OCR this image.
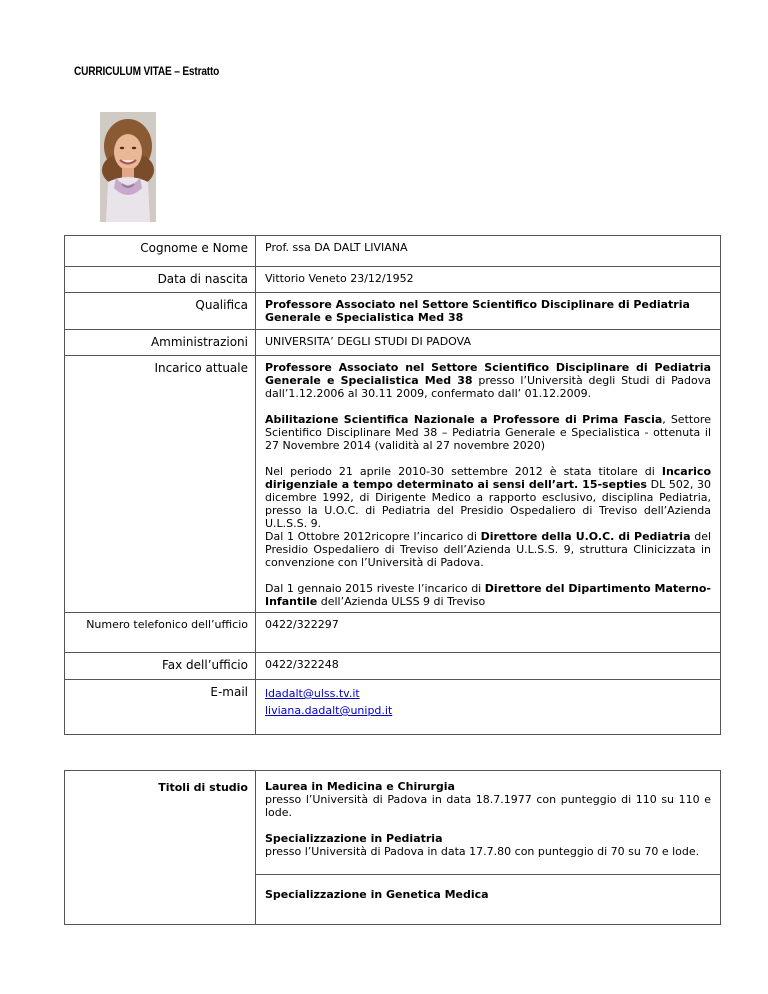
CURRICULUM VITAE – Estratto
Cognome e Nome	Prof. ssa DA DALT LIVIANA
Data di nascita	Vittorio Veneto 23/12/1952
Qualifica	Professore Associato nel Settore Scientifico Disciplinare di Pediatria Generale e Specialistica Med 38
Amministrazioni	UNIVERSITA’ DEGLI STUDI DI PADOVA
Incarico attuale	Professore Associato nel Settore Scientifico Disciplinare di Pediatria Generale e Specialistica Med 38 presso l’Università degli Studi di Padova dall’1.12.2006 al 30.11 2009, confermato dall’ 01.12.2009.

Abilitazione Scientifica Nazionale a Professore di Prima Fascia, Settore Scientifico Disciplinare Med 38 – Pediatria Generale e Specialistica - ottenuta il 27 Novembre 2014 (validità al 27 novembre 2020)

Nel periodo 21 aprile 2010-30 settembre 2012 è stata titolare di Incarico dirigenziale a tempo determinato ai sensi dell’art. 15-septies DL 502, 30 dicembre 1992, di Dirigente Medico a rapporto esclusivo, disciplina Pediatria, presso la U.O.C. di Pediatria del Presidio Ospedaliero di Treviso dell’Azienda U.L.S.S. 9.
Dal 1 Ottobre 2012ricopre l’incarico di Direttore della U.O.C. di Pediatria del Presidio Ospedaliero di Treviso dell’Azienda U.L.S.S. 9, struttura Clinicizzata in convenzione con l’Università di Padova.

Dal 1 gennaio 2015 riveste l’incarico di Direttore del Dipartimento Materno-Infantile dell’Azienda ULSS 9 di Treviso

Numero telefonico dell’ufficio	0422/322297
Fax dell’ufficio	0422/322248
E-mail	ldadalt@ulss.tv.it
liviana.dadalt@unipd.it
Titoli di studio	Laurea in Medicina e Chirurgia
presso l’Università di Padova in data 18.7.1977 con punteggio di 110 su 110 e lode.

Specializzazione in Pediatria
presso l’Università di Padova in data 17.7.80 con punteggio di 70 su 70 e lode.

Specializzazione in Genetica Medica
